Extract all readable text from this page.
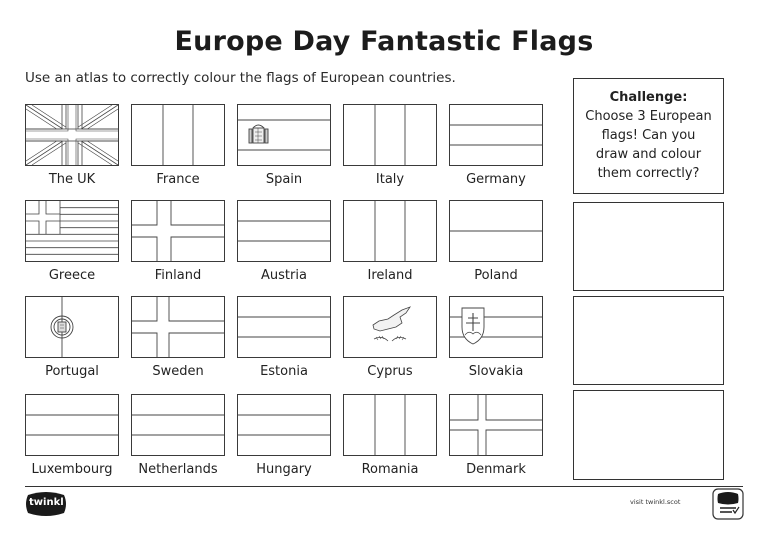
Europe Day Fantastic Flags
Use an atlas to correctly colour the flags of European countries.
The UK	France	Spain	Italy	Germany
Greece	Finland	Austria	Ireland	Poland
Portugal	Sweden	Estonia	Cyprus	Slovakia
Luxembourg	Netherlands	Hungary	Romania	Denmark
Challenge:
Choose 3 European
flags! Can you
draw and colour
them correctly?
twinkl	visit twinkl.scot
